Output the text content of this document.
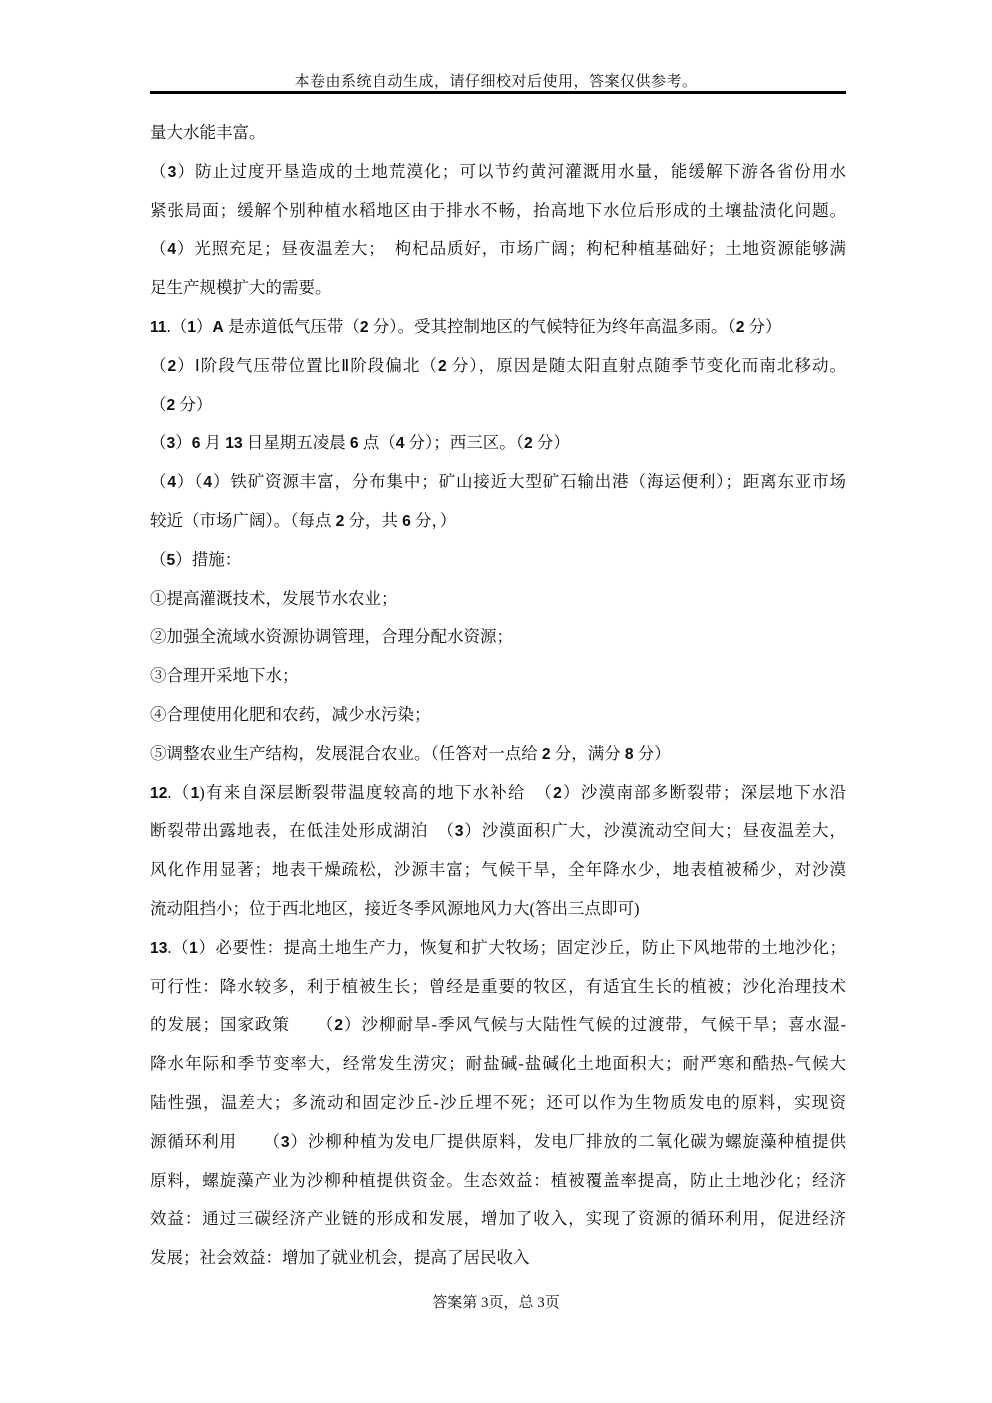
本卷由系统自动生成，请仔细校对后使用，答案仅供参考。
量大水能丰富。
（3）防止过度开垦造成的土地荒漠化；可以节约黄河灌溉用水量，能缓解下游各省份用水
紧张局面；缓解个别种植水稻地区由于排水不畅，抬高地下水位后形成的土壤盐渍化问题。
（4）光照充足；昼夜温差大；　枸杞品质好，市场广阔；枸杞种植基础好；土地资源能够满
足生产规模扩大的需要。
11.（1）A 是赤道低气压带（2 分）。受其控制地区的气候特征为终年高温多雨。（2 分）
（2）Ⅰ阶段气压带位置比Ⅱ阶段偏北（2 分），原因是随太阳直射点随季节变化而南北移动。
（2 分）
（3）6 月 13 日星期五凌晨 6 点（4 分）；西三区。（2 分）
（4）（4）铁矿资源丰富，分布集中；矿山接近大型矿石输出港（海运便利）；距离东亚市场
较近（市场广阔）。（每点 2 分，共 6 分，）
（5）措施：
①提高灌溉技术，发展节水农业；
②加强全流域水资源协调管理，合理分配水资源；
③合理开采地下水；
④合理使用化肥和农药，减少水污染；
⑤调整农业生产结构，发展混合农业。（任答对一点给 2 分，满分 8 分）
12.（1)有来自深层断裂带温度较高的地下水补给　（2）沙漠南部多断裂带；深层地下水沿
断裂带出露地表，在低洼处形成湖泊　（3）沙漠面积广大，沙漠流动空间大；昼夜温差大，
风化作用显著；地表干燥疏松，沙源丰富；气候干旱，全年降水少，地表植被稀少，对沙漠
流动阻挡小；位于西北地区，接近冬季风源地风力大(答出三点即可)
13.（1）必要性：提高土地生产力，恢复和扩大牧场；固定沙丘，防止下风地带的土地沙化；
可行性：降水较多，利于植被生长；曾经是重要的牧区，有适宜生长的植被；沙化治理技术
的发展；国家政策　　（2）沙柳耐旱-季风气候与大陆性气候的过渡带，气候干旱；喜水湿-
降水年际和季节变率大，经常发生涝灾；耐盐碱-盐碱化土地面积大；耐严寒和酷热-气候大
陆性强，温差大；多流动和固定沙丘-沙丘埋不死；还可以作为生物质发电的原料，实现资
源循环利用　　（3）沙柳种植为发电厂提供原料，发电厂排放的二氧化碳为螺旋藻种植提供
原料，螺旋藻产业为沙柳种植提供资金。生态效益：植被覆盖率提高，防止土地沙化；经济
效益：通过三碳经济产业链的形成和发展，增加了收入，实现了资源的循环利用，促进经济
发展；社会效益：增加了就业机会，提高了居民收入
答案第 3页，总 3页
